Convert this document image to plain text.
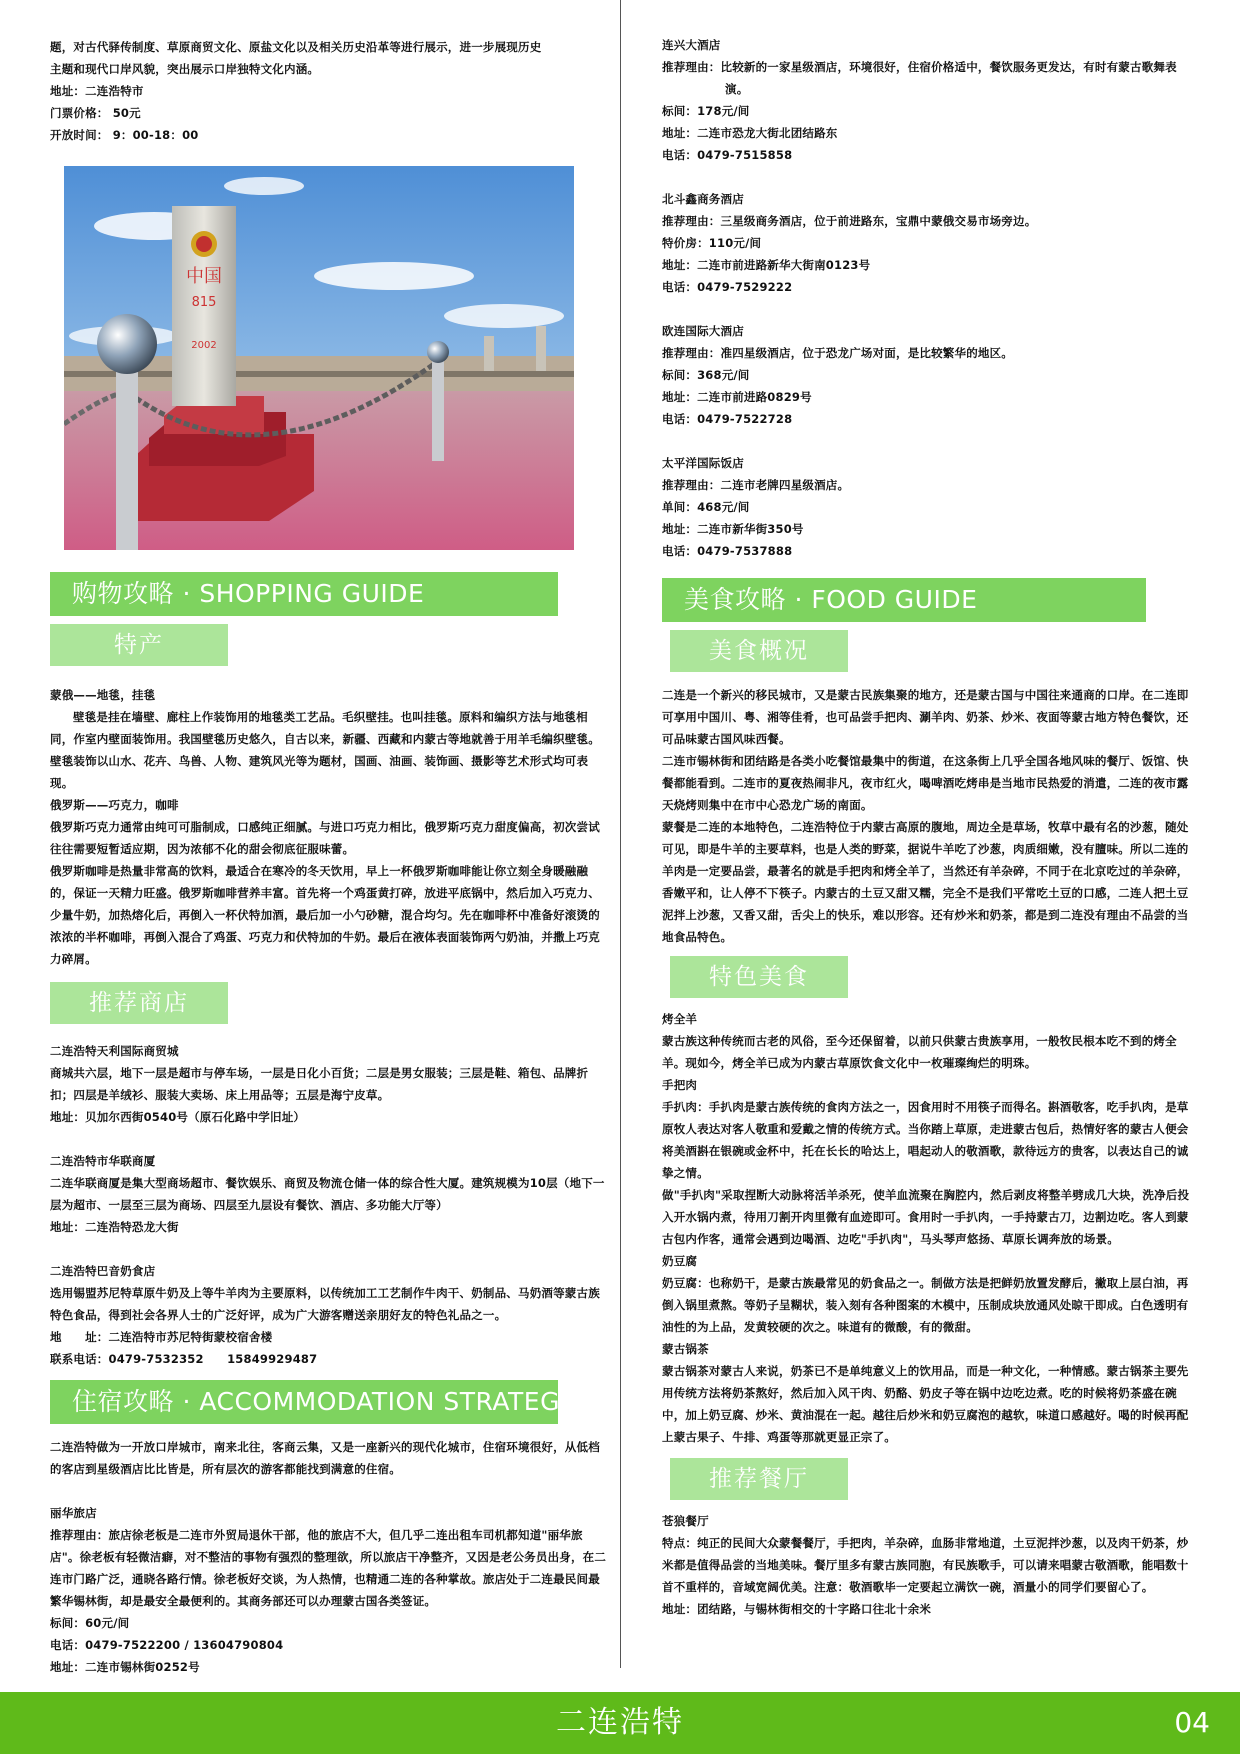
题，对古代驿传制度、草原商贸文化、原盐文化以及相关历史沿革等进行展示，进一步展现历史

主题和现代口岸风貌，突出展示口岸独特文化内涵。

地址：二连浩特市

门票价格： 50元

开放时间： 9：00-18：00

中国
815
2002
购物攻略 · SHOPPING GUIDE
特产

蒙俄——地毯，挂毯

壁毯是挂在墙壁、廊柱上作装饰用的地毯类工艺品。毛织壁挂。也叫挂毯。原料和编织方法与地毯相同，作室内壁面装饰用。我国壁毯历史悠久，自古以来，新疆、西藏和内蒙古等地就善于用羊毛编织壁毯。壁毯装饰以山水、花卉、鸟兽、人物、建筑风光等为题材，国画、油画、装饰画、摄影等艺术形式均可表现。

俄罗斯——巧克力，咖啡

俄罗斯巧克力通常由纯可可脂制成，口感纯正细腻。与进口巧克力相比，俄罗斯巧克力甜度偏高，初次尝试往往需要短暂适应期，因为浓郁不化的甜会彻底征服味蕾。

俄罗斯咖啡是热量非常高的饮料，最适合在寒冷的冬天饮用，早上一杯俄罗斯咖啡能让你立刻全身暖融融的，保证一天精力旺盛。俄罗斯咖啡营养丰富。首先将一个鸡蛋黄打碎，放进平底锅中，然后加入巧克力、少量牛奶，加热熔化后，再倒入一杯伏特加酒，最后加一小勺砂糖，混合均匀。先在咖啡杯中准备好滚烫的浓浓的半杯咖啡，再倒入混合了鸡蛋、巧克力和伏特加的牛奶。最后在液体表面装饰两勺奶油，并撒上巧克力碎屑。

推荐商店

二连浩特天利国际商贸城

商城共六层，地下一层是超市与停车场，一层是日化小百货；二层是男女服装；三层是鞋、箱包、品牌折扣；四层是羊绒衫、服装大卖场、床上用品等；五层是海宁皮草。

地址：贝加尔西街0540号（原石化路中学旧址）

二连浩特市华联商厦

二连华联商厦是集大型商场超市、餐饮娱乐、商贸及物流仓储一体的综合性大厦。建筑规模为10层（地下一层为超市、一层至三层为商场、四层至九层设有餐饮、酒店、多功能大厅等）

地址：二连浩特恐龙大街

二连浩特巴音奶食店

选用锡盟苏尼特草原牛奶及上等牛羊肉为主要原料，以传统加工工艺制作牛肉干、奶制品、马奶酒等蒙古族特色食品，得到社会各界人士的广泛好评，成为广大游客赠送亲朋好友的特色礼品之一。

地　　址：二连浩特市苏尼特街蒙校宿舍楼

联系电话：0479-7532352　　15849929487

住宿攻略 · ACCOMMODATION STRATEGY

二连浩特做为一开放口岸城市，南来北往，客商云集，又是一座新兴的现代化城市，住宿环境很好，从低档的客店到星级酒店比比皆是，所有层次的游客都能找到满意的住宿。

丽华旅店

推荐理由：旅店徐老板是二连市外贸局退休干部，他的旅店不大，但几乎二连出租车司机都知道"丽华旅店"。徐老板有轻微洁癖，对不整洁的事物有强烈的整理欲，所以旅店干净整齐，又因是老公务员出身，在二连市门路广泛，通晓各路行情。徐老板好交谈，为人热情，也精通二连的各种掌故。旅店处于二连最民间最繁华锡林街，却是最安全最便利的。其商务部还可以办理蒙古国各类签证。

标间：60元/间

电话：0479-7522200 / 13604790804

地址：二连市锡林街0252号

连兴大酒店

推荐理由：比较新的一家星级酒店，环境很好，住宿价格适中，餐饮服务更发达，有时有蒙古歌舞表演。

标间：178元/间

地址：二连市恐龙大街北团结路东

电话：0479-7515858

北斗鑫商务酒店

推荐理由：三星级商务酒店，位于前进路东，宝鼎中蒙俄交易市场旁边。

特价房：110元/间

地址：二连市前进路新华大街南0123号

电话：0479-7529222

欧连国际大酒店

推荐理由：准四星级酒店，位于恐龙广场对面，是比较繁华的地区。

标间：368元/间

地址：二连市前进路0829号

电话：0479-7522728

太平洋国际饭店

推荐理由：二连市老牌四星级酒店。

单间：468元/间

地址：二连市新华街350号

电话：0479-7537888

美食攻略 · FOOD GUIDE
美食概况

二连是一个新兴的移民城市，又是蒙古民族集聚的地方，还是蒙古国与中国往来通商的口岸。在二连即可享用中国川、粤、湘等佳肴，也可品尝手把肉、涮羊肉、奶茶、炒米、夜面等蒙古地方特色餐饮，还可品味蒙古国风味西餐。

二连市锡林街和团结路是各类小吃餐馆最集中的街道，在这条街上几乎全国各地风味的餐厅、饭馆、快餐都能看到。二连市的夏夜热闹非凡，夜市红火，喝啤酒吃烤串是当地市民热爱的消遣，二连的夜市露天烧烤则集中在市中心恐龙广场的南面。

蒙餐是二连的本地特色，二连浩特位于内蒙古高原的腹地，周边全是草场，牧草中最有名的沙葱，随处可见，即是牛羊的主要草料，也是人类的野菜，据说牛羊吃了沙葱，肉质细嫩，没有膻味。所以二连的羊肉是一定要品尝，最著名的就是手把肉和烤全羊了，当然还有羊杂碎，不同于在北京吃过的羊杂碎，香嫩平和，让人停不下筷子。内蒙古的土豆又甜又糯，完全不是我们平常吃土豆的口感，二连人把土豆泥拌上沙葱，又香又甜，舌尖上的快乐，难以形容。还有炒米和奶茶，都是到二连没有理由不品尝的当地食品特色。

特色美食

烤全羊

蒙古族这种传统而古老的风俗，至今还保留着，以前只供蒙古贵族享用，一般牧民根本吃不到的烤全羊。现如今，烤全羊已成为内蒙古草原饮食文化中一枚璀璨绚烂的明珠。

手把肉

手扒肉：手扒肉是蒙古族传统的食肉方法之一，因食用时不用筷子而得名。斟酒敬客，吃手扒肉，是草原牧人表达对客人敬重和爱戴之情的传统方式。当你踏上草原，走进蒙古包后，热情好客的蒙古人便会将美酒斟在银碗或金杯中，托在长长的哈达上，唱起动人的敬酒歌，款待远方的贵客，以表达自己的诚挚之情。

做"手扒肉"采取捏断大动脉将活羊杀死，使羊血流聚在胸腔内，然后剥皮将整羊劈成几大块，洗净后投入开水锅内煮，待用刀割开肉里微有血迹即可。食用时一手扒肉，一手持蒙古刀，边割边吃。客人到蒙古包内作客，通常会遇到边喝酒、边吃"手扒肉"，马头琴声悠扬、草原长调奔放的场景。

奶豆腐

奶豆腐：也称奶干，是蒙古族最常见的奶食品之一。制做方法是把鲜奶放置发酵后，撇取上层白油，再倒入锅里煮熬。等奶子呈糊状，装入刻有各种图案的木模中，压制成块放通风处晾干即成。白色透明有油性的为上品，发黄较硬的次之。味道有的微酸，有的微甜。

蒙古锅茶

蒙古锅茶对蒙古人来说，奶茶已不是单纯意义上的饮用品，而是一种文化，一种情感。蒙古锅茶主要先用传统方法将奶茶熬好，然后加入风干肉、奶酪、奶皮子等在锅中边吃边煮。吃的时候将奶茶盛在碗中，加上奶豆腐、炒米、黄油混在一起。越往后炒米和奶豆腐泡的越软，味道口感越好。喝的时候再配上蒙古果子、牛排、鸡蛋等那就更显正宗了。

推荐餐厅

苍狼餐厅

特点：纯正的民间大众蒙餐餐厅，手把肉，羊杂碎，血肠非常地道，土豆泥拌沙葱，以及肉干奶茶，炒米都是值得品尝的当地美味。餐厅里多有蒙古族同胞，有民族歌手，可以请来唱蒙古敬酒歌，能唱数十首不重样的，音域宽阔优美。注意：敬酒歌毕一定要起立满饮一碗，酒量小的同学们要留心了。

地址：团结路，与锡林街相交的十字路口往北十余米

二连浩特	04
